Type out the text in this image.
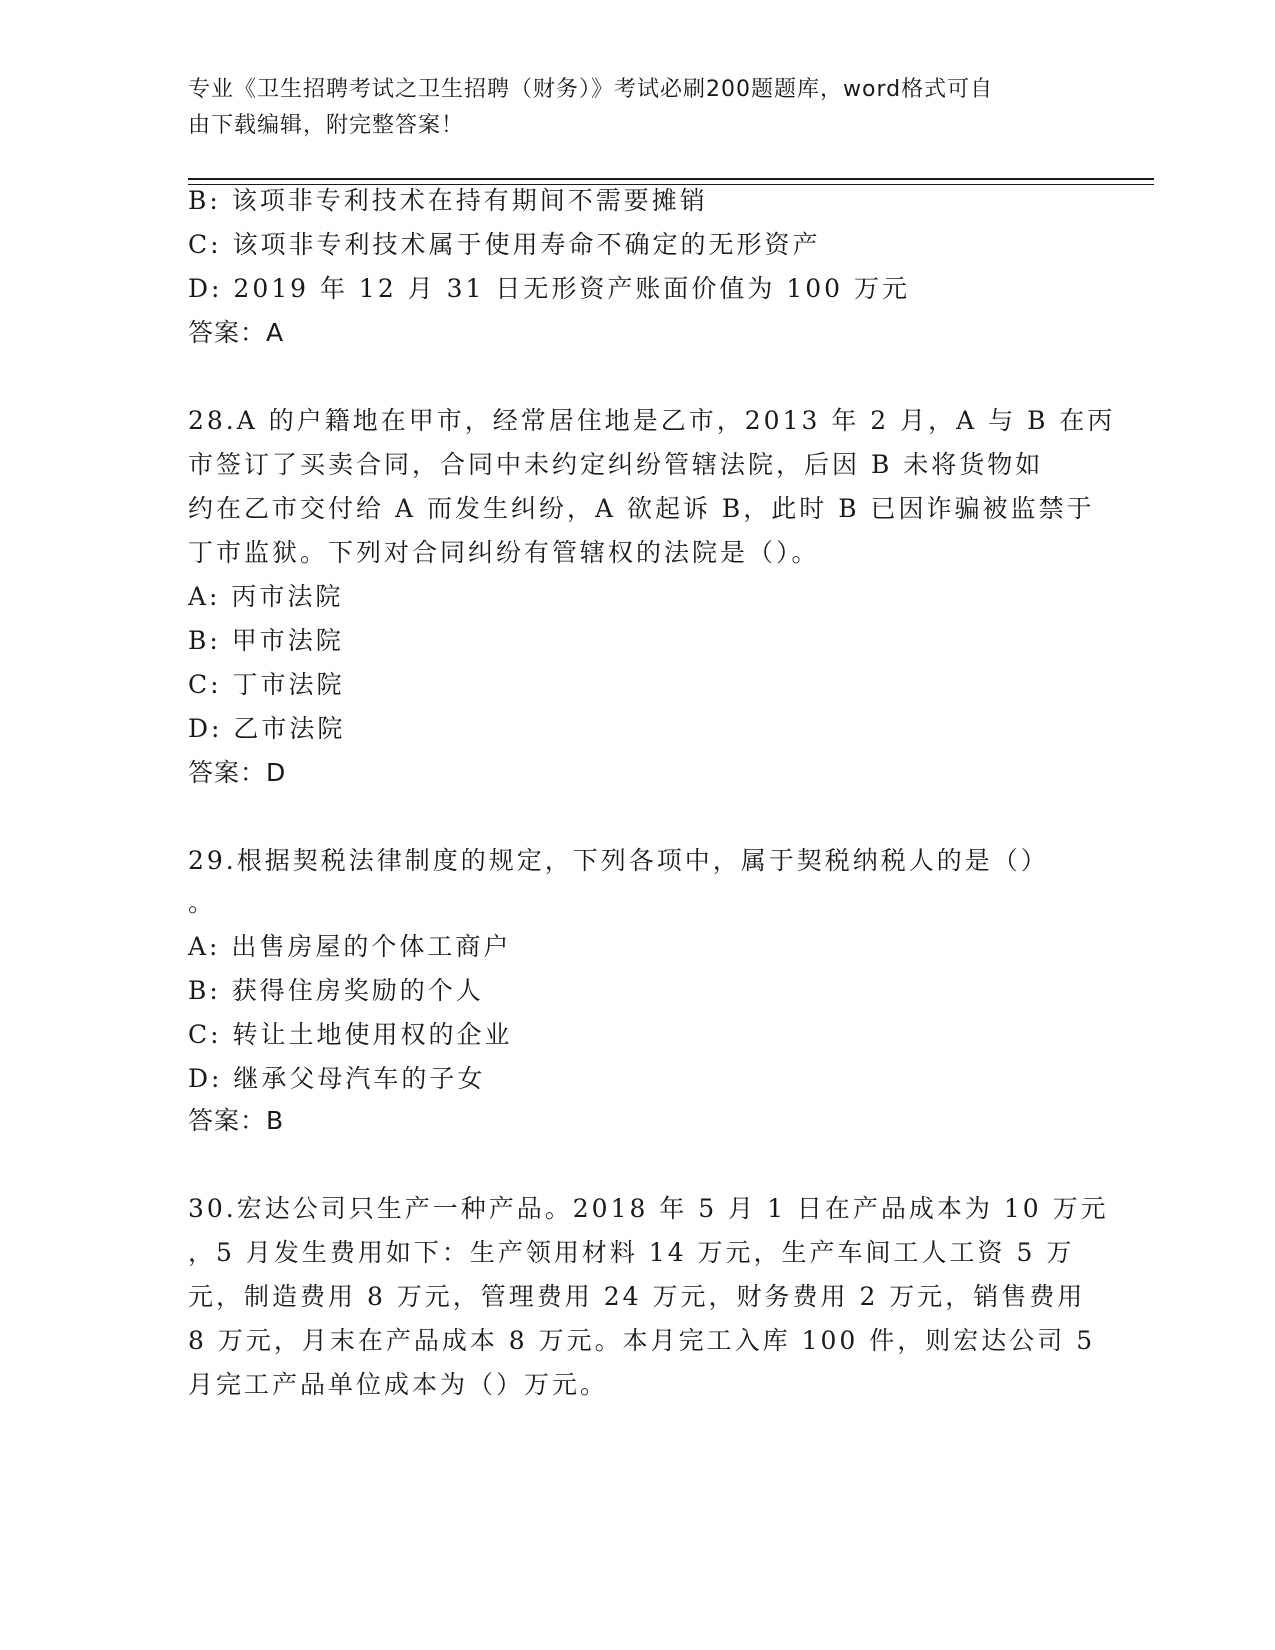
专业《卫生招聘考试之卫生招聘（财务）》考试必刷200题题库，word格式可自
由下载编辑，附完整答案！

B: 该项非专利技术在持有期间不需要摊销

C: 该项非专利技术属于使用寿命不确定的无形资产

D: 2019 年 12 月 31 日无形资产账面价值为 100 万元

答案：A

28.A 的户籍地在甲市，经常居住地是乙市，2013 年 2 月，A 与 B 在丙

市签订了买卖合同，合同中未约定纠纷管辖法院，后因 B 未将货物如

约在乙市交付给 A 而发生纠纷，A 欲起诉 B，此时 B 已因诈骗被监禁于

丁市监狱。下列对合同纠纷有管辖权的法院是（）。

A: 丙市法院

B: 甲市法院

C: 丁市法院

D: 乙市法院

答案：D

29.根据契税法律制度的规定，下列各项中，属于契税纳税人的是（）

。

A: 出售房屋的个体工商户

B: 获得住房奖励的个人

C: 转让土地使用权的企业

D: 继承父母汽车的子女

答案：B

30.宏达公司只生产一种产品。2018 年 5 月 1 日在产品成本为 10 万元

，5 月发生费用如下：生产领用材料 14 万元，生产车间工人工资 5 万

元，制造费用 8 万元，管理费用 24 万元，财务费用 2 万元，销售费用

8 万元，月末在产品成本 8 万元。本月完工入库 100 件，则宏达公司 5

月完工产品单位成本为（）万元。
